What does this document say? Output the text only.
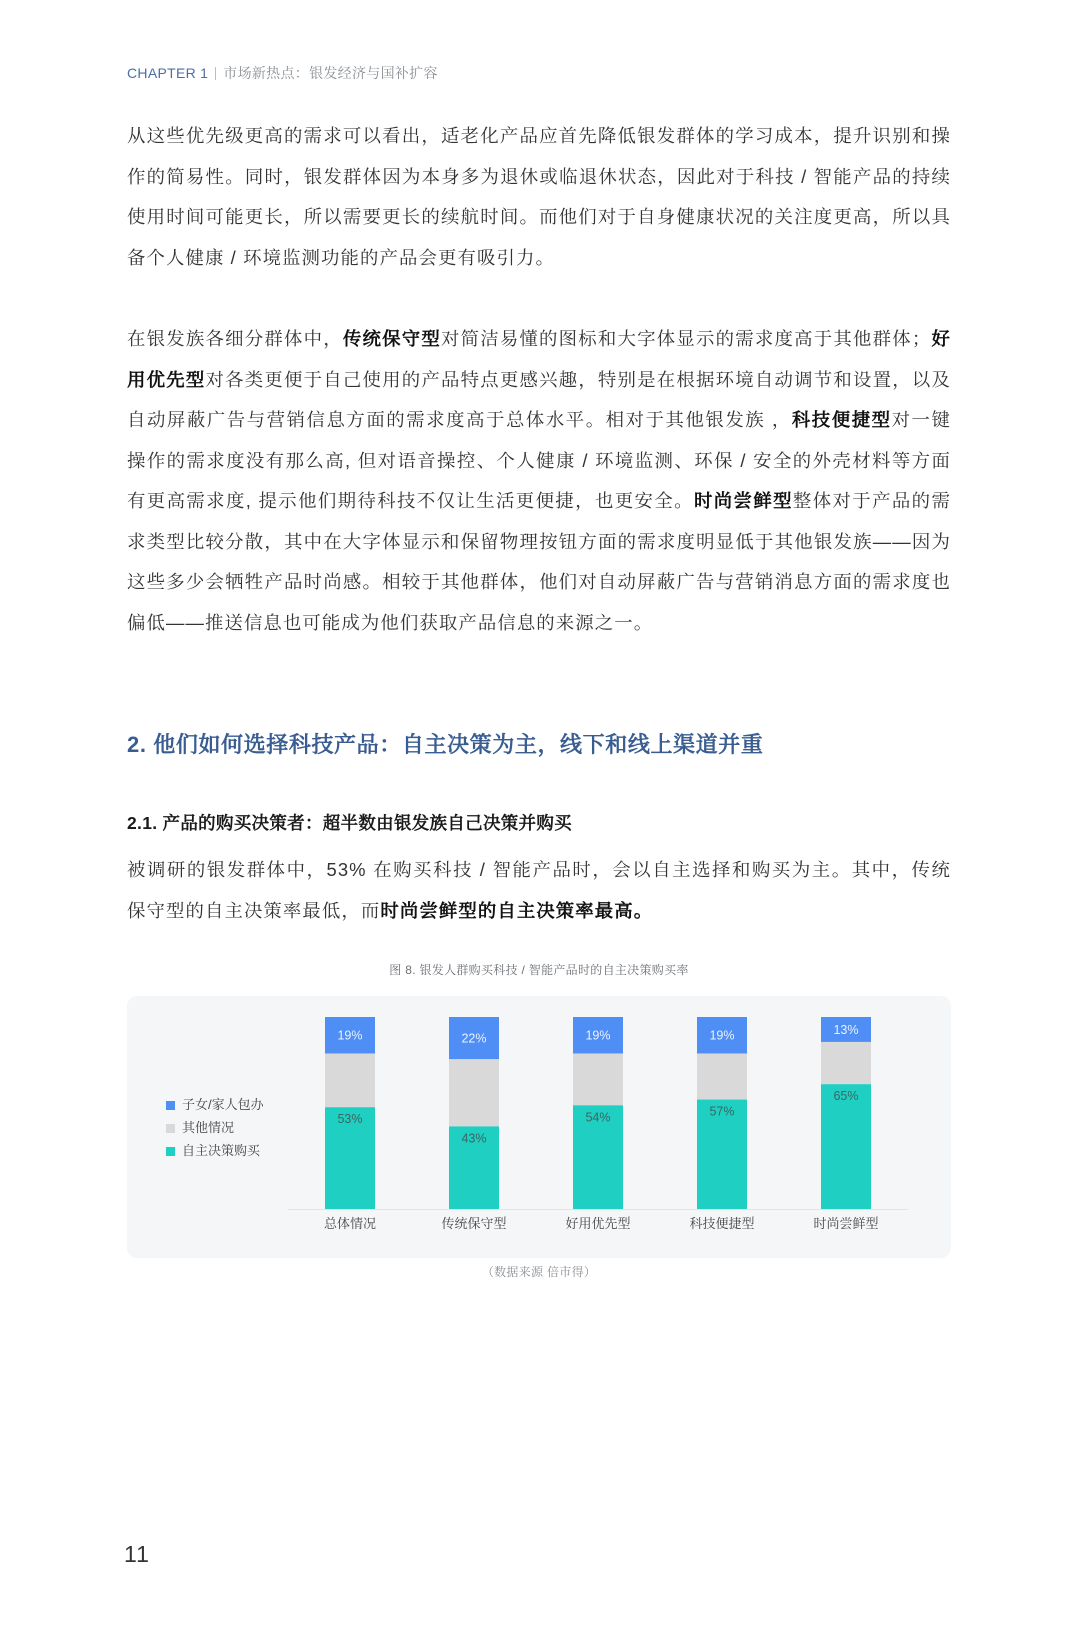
CHAPTER 1 市场新热点：银发经济与国补扩容

从这些优先级更高的需求可以看出，适老化产品应首先降低银发群体的学习成本，提升识别和操作的简易性。同时，银发群体因为本身多为退休或临退休状态，因此对于科技 / 智能产品的持续使用时间可能更长，所以需要更长的续航时间。而他们对于自身健康状况的关注度更高，所以具备个人健康 / 环境监测功能的产品会更有吸引力。

在银发族各细分群体中，传统保守型对简洁易懂的图标和大字体显示的需求度高于其他群体；好用优先型对各类更便于自己使用的产品特点更感兴趣，特别是在根据环境自动调节和设置，以及自动屏蔽广告与营销信息方面的需求度高于总体水平。相对于其他银发族 ，科技便捷型对一键操作的需求度没有那么高, 但对语音操控、个人健康 / 环境监测、环保 / 安全的外壳材料等方面有更高需求度, 提示他们期待科技不仅让生活更便捷，也更安全。时尚尝鲜型整体对于产品的需求类型比较分散，其中在大字体显示和保留物理按钮方面的需求度明显低于其他银发族——因为这些多少会牺牲产品时尚感。相较于其他群体，他们对自动屏蔽广告与营销消息方面的需求度也偏低——推送信息也可能成为他们获取产品信息的来源之一。

2. 他们如何选择科技产品：自主决策为主，线下和线上渠道并重
2.1. 产品的购买决策者：超半数由银发族自己决策并购买

被调研的银发群体中，53% 在购买科技 / 智能产品时，会以自主选择和购买为主。其中，传统保守型的自主决策率最低，而时尚尝鲜型的自主决策率最高。

图 8. 银发人群购买科技 / 智能产品时的自主决策购买率
子女/家人包办
其他情况
自主决策购买
19%
53%
总体情况
22%
43%
传统保守型
19%
54%
好用优先型
19%
57%
科技便捷型
13%
65%
时尚尝鲜型
（数据来源 倍市得）
11
